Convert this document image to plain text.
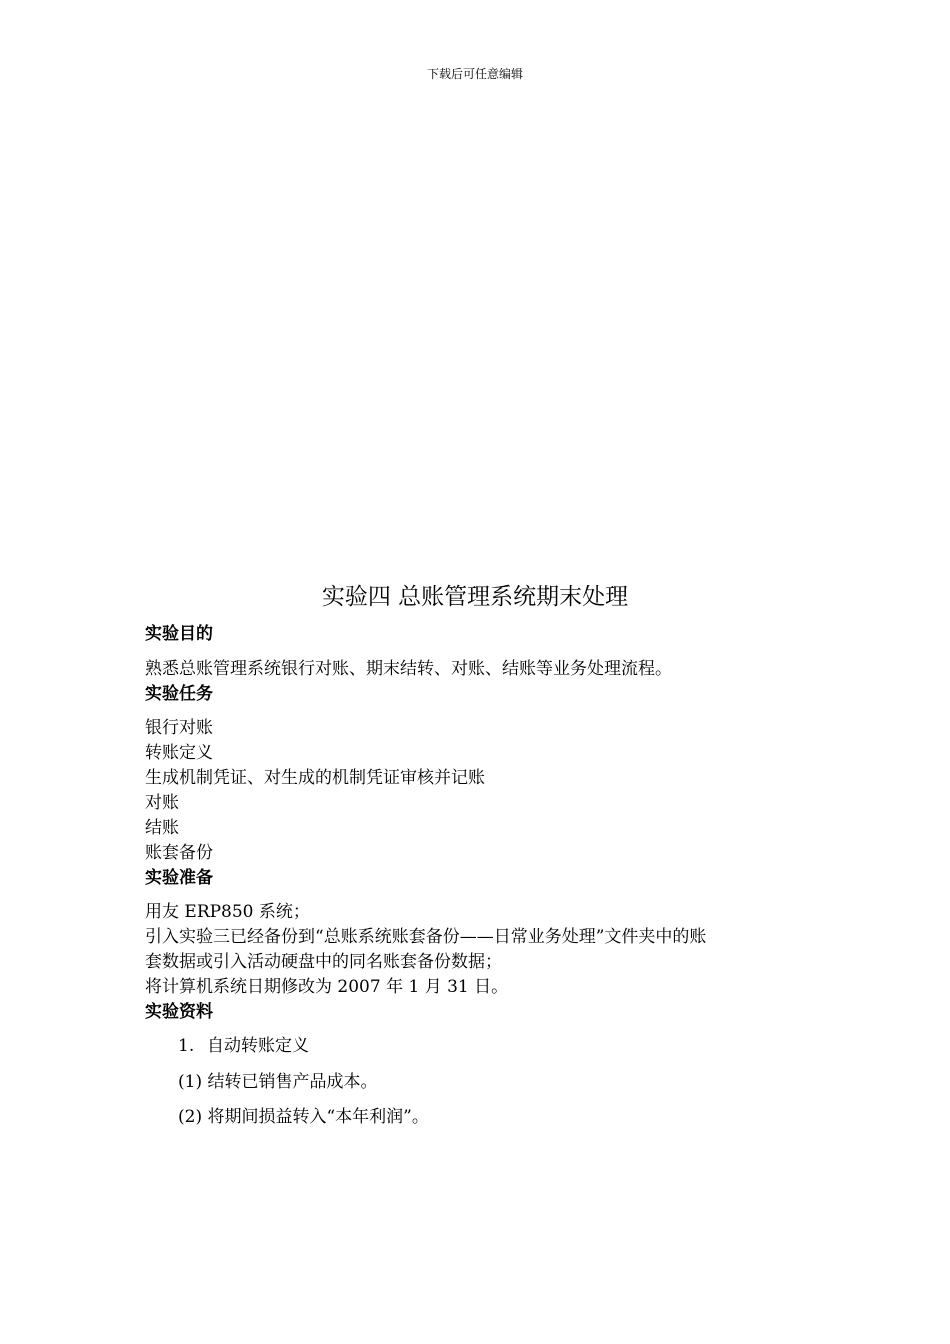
下载后可任意编辑
实验四 总账管理系统期末处理
实验目的
熟悉总账管理系统银行对账、期末结转、对账、结账等业务处理流程。
实验任务
银行对账
转账定义
生成机制凭证、对生成的机制凭证审核并记账
对账
结账
账套备份
实验准备
用友 ERP850 系统；
引入实验三已经备份到“总账系统账套备份——日常业务处理”文件夹中的账
套数据或引入活动硬盘中的同名账套备份数据；
将计算机系统日期修改为 2007 年 1 月 31 日。
实验资料
1. 自动转账定义
(1) 结转已销售产品成本。
(2) 将期间损益转入“本年利润”。
